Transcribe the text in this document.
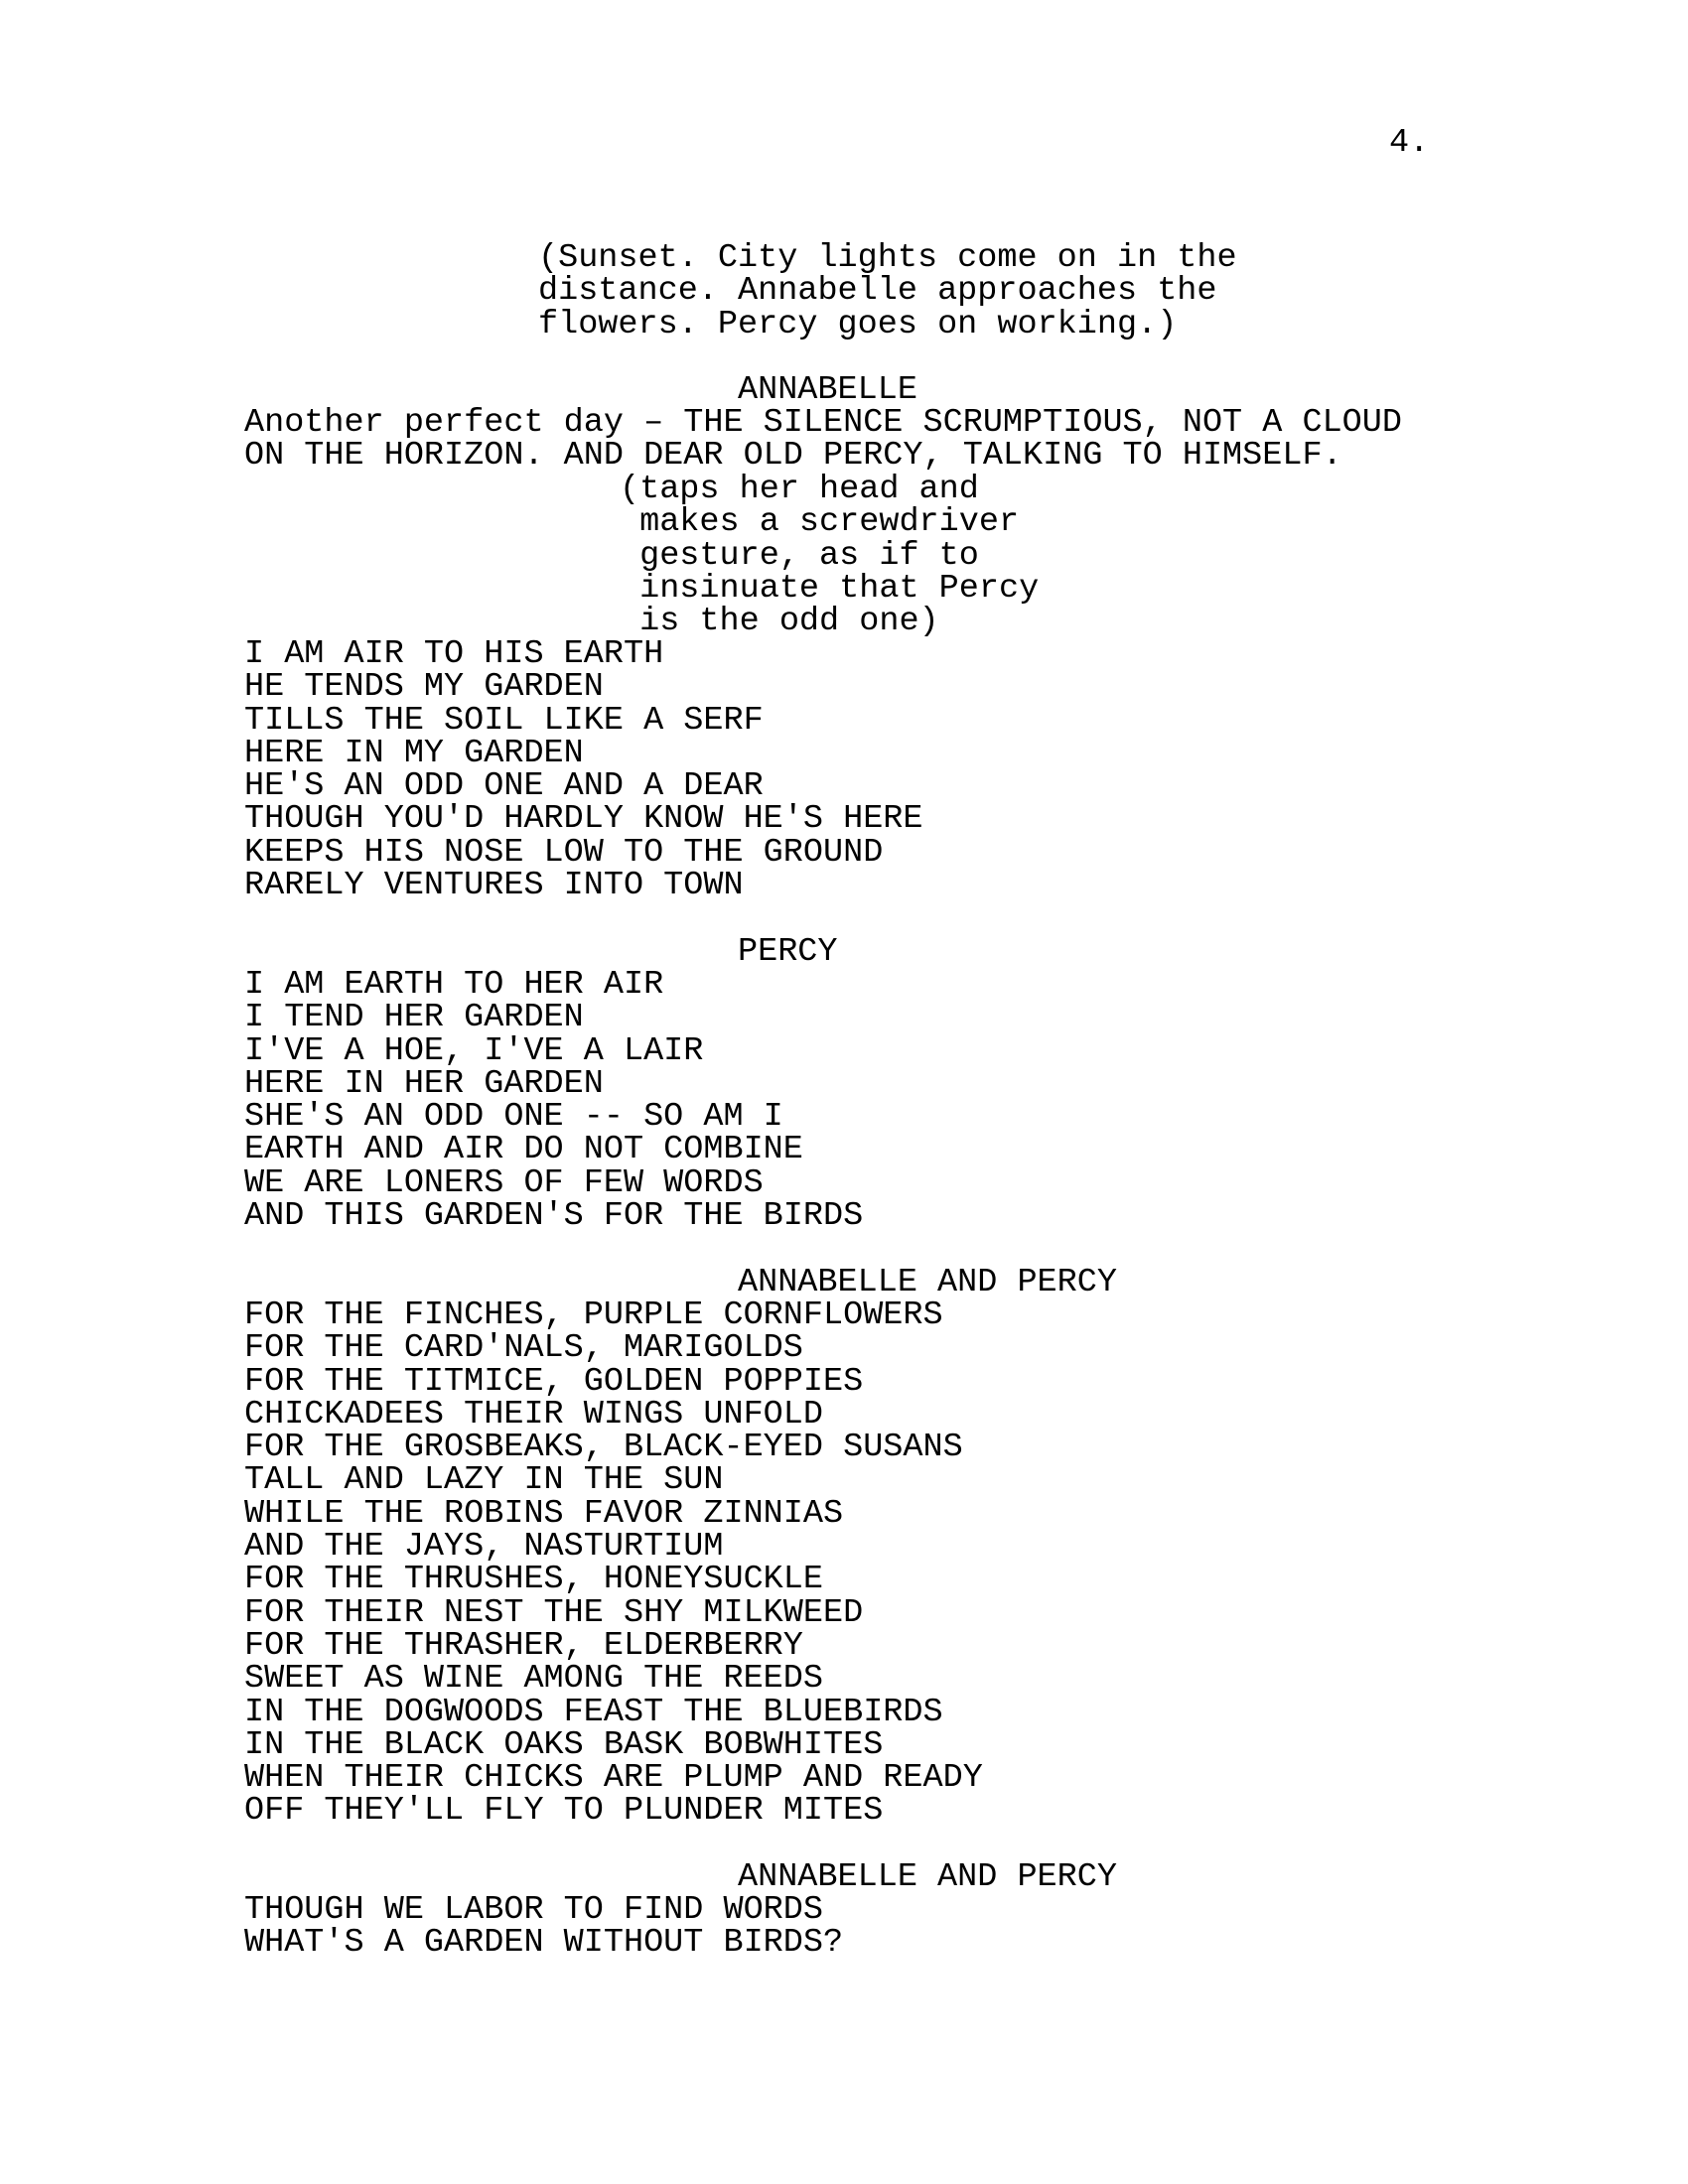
4.
(Sunset. City lights come on in the
distance. Annabelle approaches the
flowers. Percy goes on working.)
ANNABELLE
Another perfect day – THE SILENCE SCRUMPTIOUS, NOT A CLOUD
ON THE HORIZON. AND DEAR OLD PERCY, TALKING TO HIMSELF.
(taps her head and
makes a screwdriver
gesture, as if to
insinuate that Percy
is the odd one)
I AM AIR TO HIS EARTH
HE TENDS MY GARDEN
TILLS THE SOIL LIKE A SERF
HERE IN MY GARDEN
HE'S AN ODD ONE AND A DEAR
THOUGH YOU'D HARDLY KNOW HE'S HERE
KEEPS HIS NOSE LOW TO THE GROUND
RARELY VENTURES INTO TOWN
PERCY
I AM EARTH TO HER AIR
I TEND HER GARDEN
I'VE A HOE, I'VE A LAIR
HERE IN HER GARDEN
SHE'S AN ODD ONE -- SO AM I
EARTH AND AIR DO NOT COMBINE
WE ARE LONERS OF FEW WORDS
AND THIS GARDEN'S FOR THE BIRDS
ANNABELLE AND PERCY
FOR THE FINCHES, PURPLE CORNFLOWERS
FOR THE CARD'NALS, MARIGOLDS
FOR THE TITMICE, GOLDEN POPPIES
CHICKADEES THEIR WINGS UNFOLD
FOR THE GROSBEAKS, BLACK-EYED SUSANS
TALL AND LAZY IN THE SUN
WHILE THE ROBINS FAVOR ZINNIAS
AND THE JAYS, NASTURTIUM
FOR THE THRUSHES, HONEYSUCKLE
FOR THEIR NEST THE SHY MILKWEED
FOR THE THRASHER, ELDERBERRY
SWEET AS WINE AMONG THE REEDS
IN THE DOGWOODS FEAST THE BLUEBIRDS
IN THE BLACK OAKS BASK BOBWHITES
WHEN THEIR CHICKS ARE PLUMP AND READY
OFF THEY'LL FLY TO PLUNDER MITES
ANNABELLE AND PERCY
THOUGH WE LABOR TO FIND WORDS
WHAT'S A GARDEN WITHOUT BIRDS?
